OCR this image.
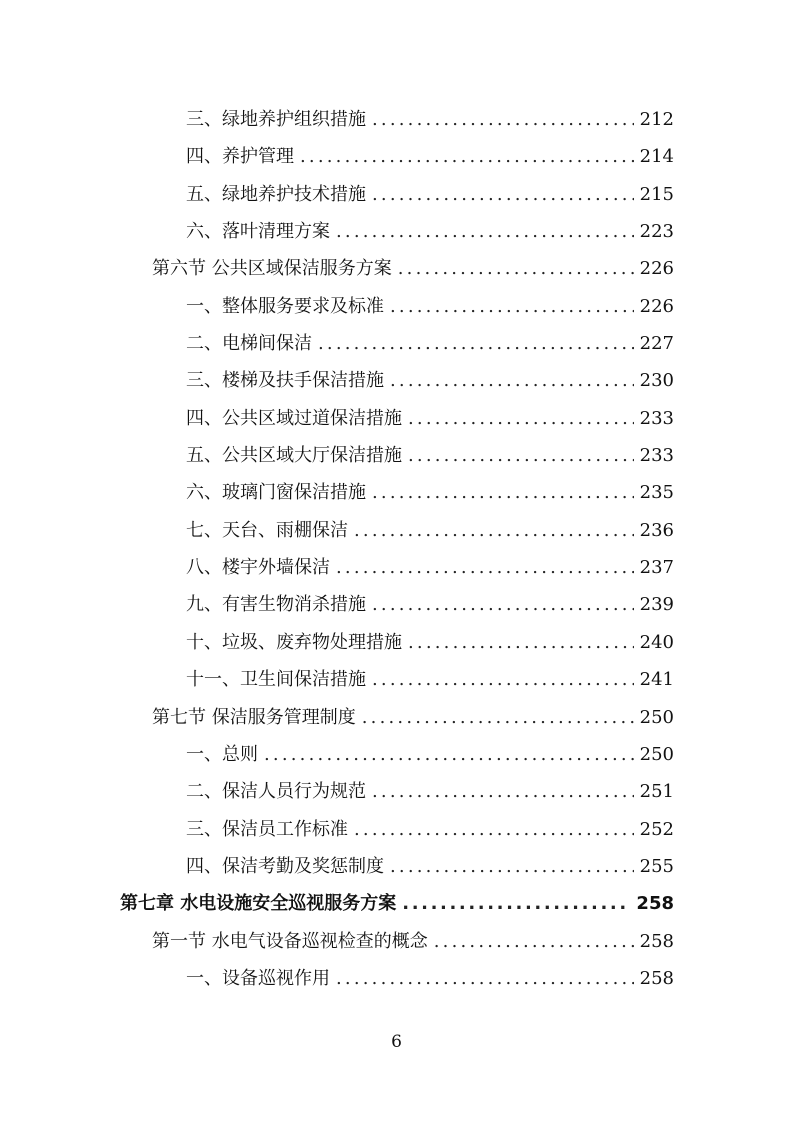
三、绿地养护组织措施 .....	212
四、养护管理 .....	214
五、绿地养护技术措施 .....	215
六、落叶清理方案 .....	223
第六节 公共区域保洁服务方案 .....	226
一、整体服务要求及标准 .....	226
二、电梯间保洁 .....	227
三、楼梯及扶手保洁措施 .....	230
四、公共区域过道保洁措施 .....	233
五、公共区域大厅保洁措施 .....	233
六、玻璃门窗保洁措施 .....	235
七、天台、雨棚保洁 .....	236
八、楼宇外墙保洁 .....	237
九、有害生物消杀措施 .....	239
十、垃圾、废弃物处理措施 .....	240
十一、卫生间保洁措施 .....	241
第七节 保洁服务管理制度 .....	250
一、总则 .....	250
二、保洁人员行为规范 .....	251
三、保洁员工作标准 .....	252
四、保洁考勤及奖惩制度 .....	255
第七章 水电设施安全巡视服务方案 .....	258
第一节 水电气设备巡视检查的概念 .....	258
一、设备巡视作用 .....	258
6
